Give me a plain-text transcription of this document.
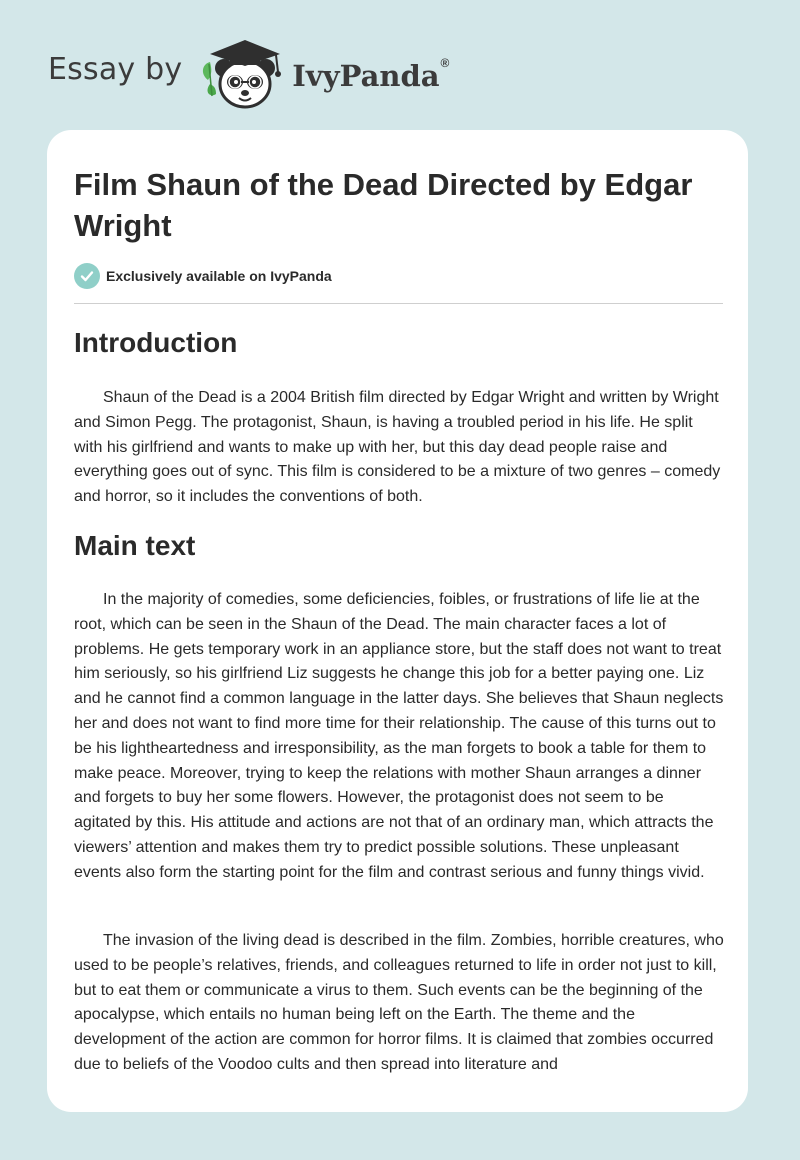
Essay by	IvyPanda®
Film Shaun of the Dead Directed by Edgar Wright
Exclusively available on IvyPanda
Introduction

Shaun of the Dead is a 2004 British film directed by Edgar Wright and written by Wright and Simon Pegg. The protagonist, Shaun, is having a troubled period in his life. He split with his girlfriend and wants to make up with her, but this day dead people raise and everything goes out of sync. This film is considered to be a mixture of two genres – comedy and horror, so it includes the conventions of both.

Main text

In the majority of comedies, some deficiencies, foibles, or frustrations of life lie at the root, which can be seen in the Shaun of the Dead. The main character faces a lot of problems. He gets temporary work in an appliance store, but the staff does not want to treat him seriously, so his girlfriend Liz suggests he change this job for a better paying one. Liz and he cannot find a common language in the latter days. She believes that Shaun neglects her and does not want to find more time for their relationship. The cause of this turns out to be his lightheartedness and irresponsibility, as the man forgets to book a table for them to make peace. Moreover, trying to keep the relations with mother Shaun arranges a dinner and forgets to buy her some flowers. However, the protagonist does not seem to be agitated by this. His attitude and actions are not that of an ordinary man, which attracts the viewers’ attention and makes them try to predict possible solutions. These unpleasant events also form the starting point for the film and contrast serious and funny things vivid.

The invasion of the living dead is described in the film. Zombies, horrible creatures, who used to be people’s relatives, friends, and colleagues returned to life in order not just to kill, but to eat them or communicate a virus to them. Such events can be the beginning of the apocalypse, which entails no human being left on the Earth. The theme and the development of the action are common for horror films. It is claimed that zombies occurred due to beliefs of the Voodoo cults and then spread into literature and
